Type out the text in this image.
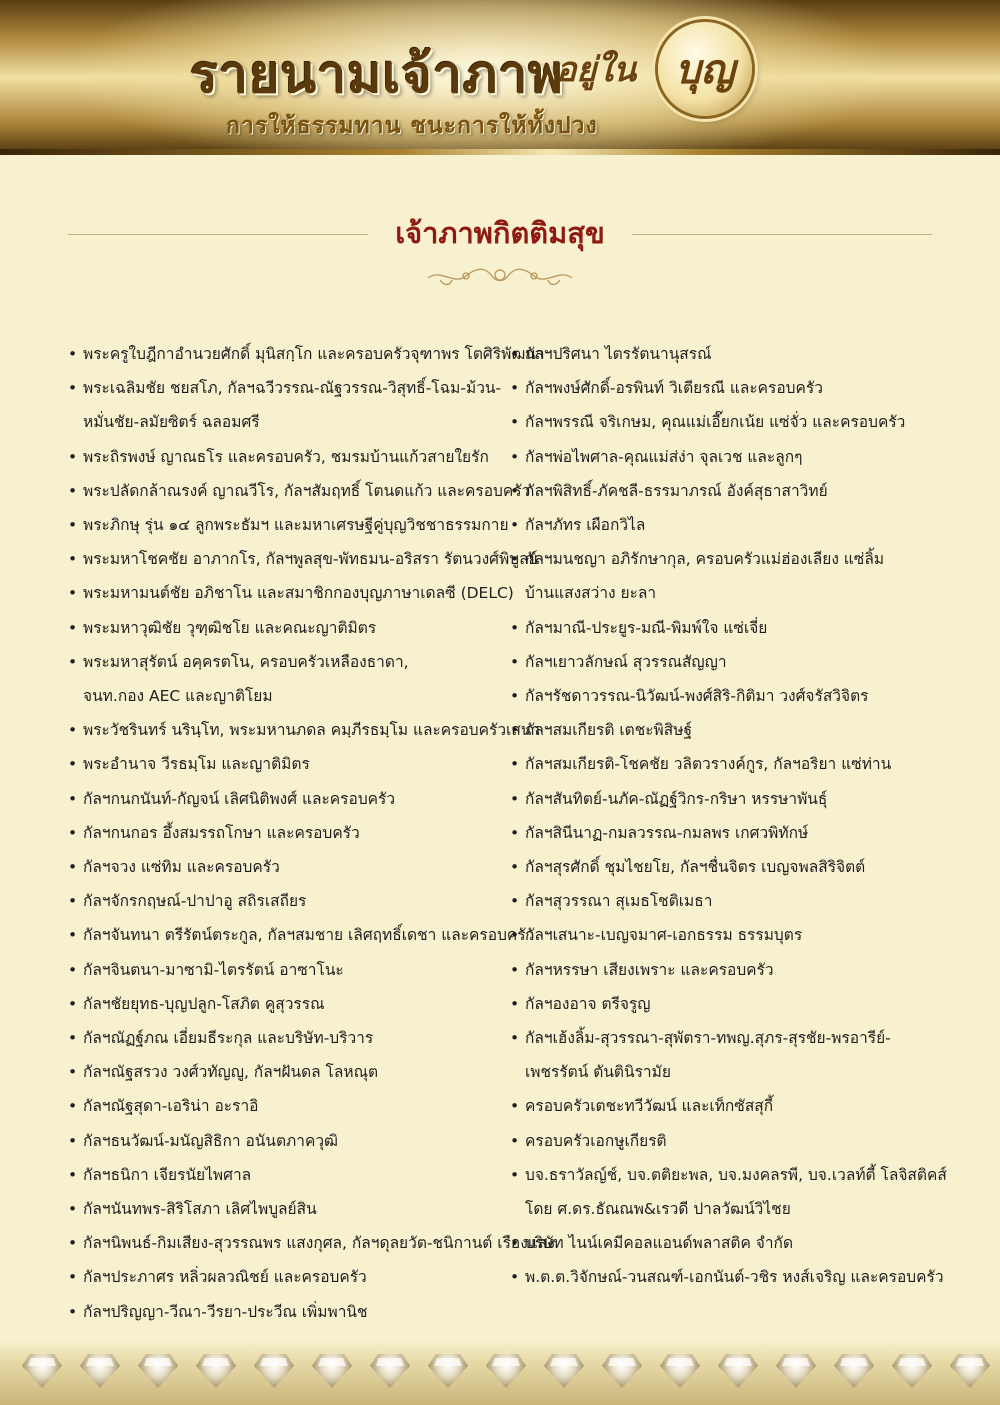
รายนามเจ้าภาพ
อยู่ใน บุญ
การให้ธรรมทาน ชนะการให้ทั้งปวง
เจ้าภาพกิตติมสุข
• พระครูใบฎีกาอำนวยศักดิ์ มุนิสกฺโก และครอบครัวจุฑาพร โตศิริพัฒนา
• พระเฉลิมชัย ชยสโภ, กัลฯฉวีวรรณ-ณัฐวรรณ-วิสุทธิ์-โฉม-ม้วน-
หมั่นชัย-ลมัยซิตร์ ฉลอมศรี
• พระถิรพงษ์ ญาณธโร และครอบครัว, ชมรมบ้านแก้วสายใยรัก
• พระปลัดกล้าณรงค์ ญาณวีโร, กัลฯสัมฤทธิ์ โตนดแก้ว และครอบครัว
• พระภิกษุ รุ่น ๑๔ ลูกพระธัมฯ และมหาเศรษฐีคู่บุญวิชชาธรรมกาย
• พระมหาโชคชัย อาภากโร, กัลฯพูลสุข-พัทธมน-อริสรา รัตนวงศ์พิบูลย์
• พระมหามนต์ชัย อภิชาโน และสมาชิกกองบุญภาษาเดลซี (DELC)
• พระมหาวุฒิชัย วุฑฺฒิชโย และคณะญาติมิตร
• พระมหาสุรัตน์ อคฺครตโน, ครอบครัวเหลืองธาดา,
จนท.กอง AEC และญาติโยม
• พระวัชรินทร์ นรินฺโท, พระมหานภดล คมฺภีรธมฺโม และครอบครัวเสนา
• พระอำนาจ วีรธมฺโม และญาติมิตร
• กัลฯกนกนันท์-กัญจน์ เลิศนิติพงศ์ และครอบครัว
• กัลฯกนกอร อึ้งสมรรถโกษา และครอบครัว
• กัลฯจวง แซ่ทิม และครอบครัว
• กัลฯจักรกฤษณ์-ปาปาอู สถิรเสถียร
• กัลฯจันทนา ตรีรัตน์ตระกูล, กัลฯสมชาย เลิศฤทธิ์เดชา และครอบครัว
• กัลฯจินตนา-มาซามิ-ไตรรัตน์ อาซาโนะ
• กัลฯชัยยุทธ-บุญปลูก-โสภิต คูสุวรรณ
• กัลฯณัฏฐ์ภณ เอี่ยมธีระกุล และบริษัท-บริวาร
• กัลฯณัฐสรวง วงศ์วทัญญู, กัลฯฝันดล โลหณุต
• กัลฯณัฐสุดา-เอริน่า อะราอิ
• กัลฯธนวัฒน์-มนัญสิธิกา อนันตภาควุฒิ
• กัลฯธนิกา เจียรนัยไพศาล
• กัลฯนันทพร-สิริโสภา เลิศไพบูลย์สิน
• กัลฯนิพนธ์-กิมเสียง-สุวรรณพร แสงกุศล, กัลฯดุลยวัต-ชนิกานต์ เรืองแสง
• กัลฯประภาศร หลิ่วผลวณิชย์ และครอบครัว
• กัลฯปริญญา-วีณา-วีรยา-ประวีณ เพิ่มพานิช
• กัลฯปริศนา ไตรรัตนานุสรณ์
• กัลฯพงษ์ศักดิ์-อรพินท์ วิเตียรณี และครอบครัว
• กัลฯพรรณี จริเกษม, คุณแม่เอี๊ยกเน้ย แซ่จั่ว และครอบครัว
• กัลฯพ่อไพศาล-คุณแม่ส่ง่า จุลเวช และลูกๆ
• กัลฯพิสิทธิ์-ภัคชลี-ธรรมาภรณ์ อังค์สุธาสาวิทย์
• กัลฯภัทร เผือกวิไล
• กัลฯมนชญา อภิรักษากุล, ครอบครัวแม่ฮ่องเลียง แซ่ลิ้ม
บ้านแสงสว่าง ยะลา
• กัลฯมาณี-ประยูร-มณี-พิมพ์ใจ แซ่เจี่ย
• กัลฯเยาวลักษณ์ สุวรรณสัญญา
• กัลฯรัชดาวรรณ-นิวัฒน์-พงศ์สิริ-กิติมา วงศ์จรัสวิจิตร
• กัลฯสมเกียรติ เตชะพิสิษฐ์
• กัลฯสมเกียรติ-โชคชัย วลิตวรางค์กูร, กัลฯอริยา แซ่ท่าน
• กัลฯสันทิตย์-นภัค-ณัฏฐ์วิกร-กริษา หรรษาพันธุ์
• กัลฯสินีนาฏ-กมลวรรณ-กมลพร เกศวพิทักษ์
• กัลฯสุรศักดิ์ ชุมไชยโย, กัลฯชื่นจิตร เบญจพลสิริจิตต์
• กัลฯสุวรรณา สุเมธโชติเมธา
• กัลฯเสนาะ-เบญจมาศ-เอกธรรม ธรรมบุตร
• กัลฯหรรษา เสียงเพราะ และครอบครัว
• กัลฯองอาจ ตรีจรูญ
• กัลฯเฮ้งลิ้ม-สุวรรณา-สุพัตรา-ทพญ.สุภร-สุรชัย-พรอารีย์-
เพชรรัตน์ ตันตินิรามัย
• ครอบครัวเตชะทวีวัฒน์ และเท็กซัสสุกี้
• ครอบครัวเอกษูเกียรติ
• บจ.ธราวัลญ์ช์, บจ.ตติยะพล, บจ.มงคลรพี, บจ.เวลท์ตี้ โลจิสติคส์
โดย ศ.ดร.ธัณณพ&เรวดี ปาลวัฒน์วิไชย
• บริษัท ไนน์เคมีคอลแอนด์พลาสติค จำกัด
• พ.ต.ต.วิจักษณ์-วนสณฑ์-เอกนันต์-วชิร หงส์เจริญ และครอบครัว
